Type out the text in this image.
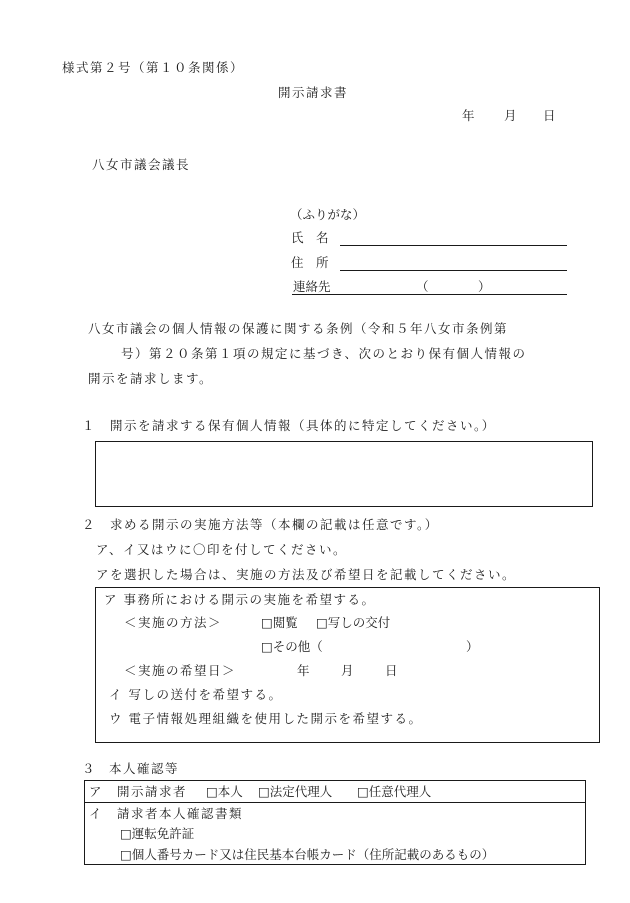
様式第２号（第１０条関係）
開示請求書
年 月 日
八女市議会議長
（ふりがな）
氏　名
住　所
連絡先	（	）
八女市議会の個人情報の保護に関する条例（令和５年八女市条例第
号）第２０条第１項の規定に基づき、次のとおり保有個人情報の
開示を請求します。
１ 開示を請求する保有個人情報（具体的に特定してください。）
２ 求める開示の実施方法等（本欄の記載は任意です。）
ア、イ又はウに〇印を付してください。
アを選択した場合は、実施の方法及び希望日を記載してください。
ア 事務所における開示の実施を希望する。
＜実施の方法＞	□閲覧 □写しの交付
□その他（	）
＜実施の希望日＞	年	月	日
イ 写しの送付を希望する。
ウ 電子情報処理組織を使用した開示を希望する。
３ 本人確認等
ア　開示請求者 □本人 □法定代理人 □任意代理人
イ　請求者本人確認書類
□運転免許証
□個人番号カード又は住民基本台帳カード（住所記載のあるもの）
